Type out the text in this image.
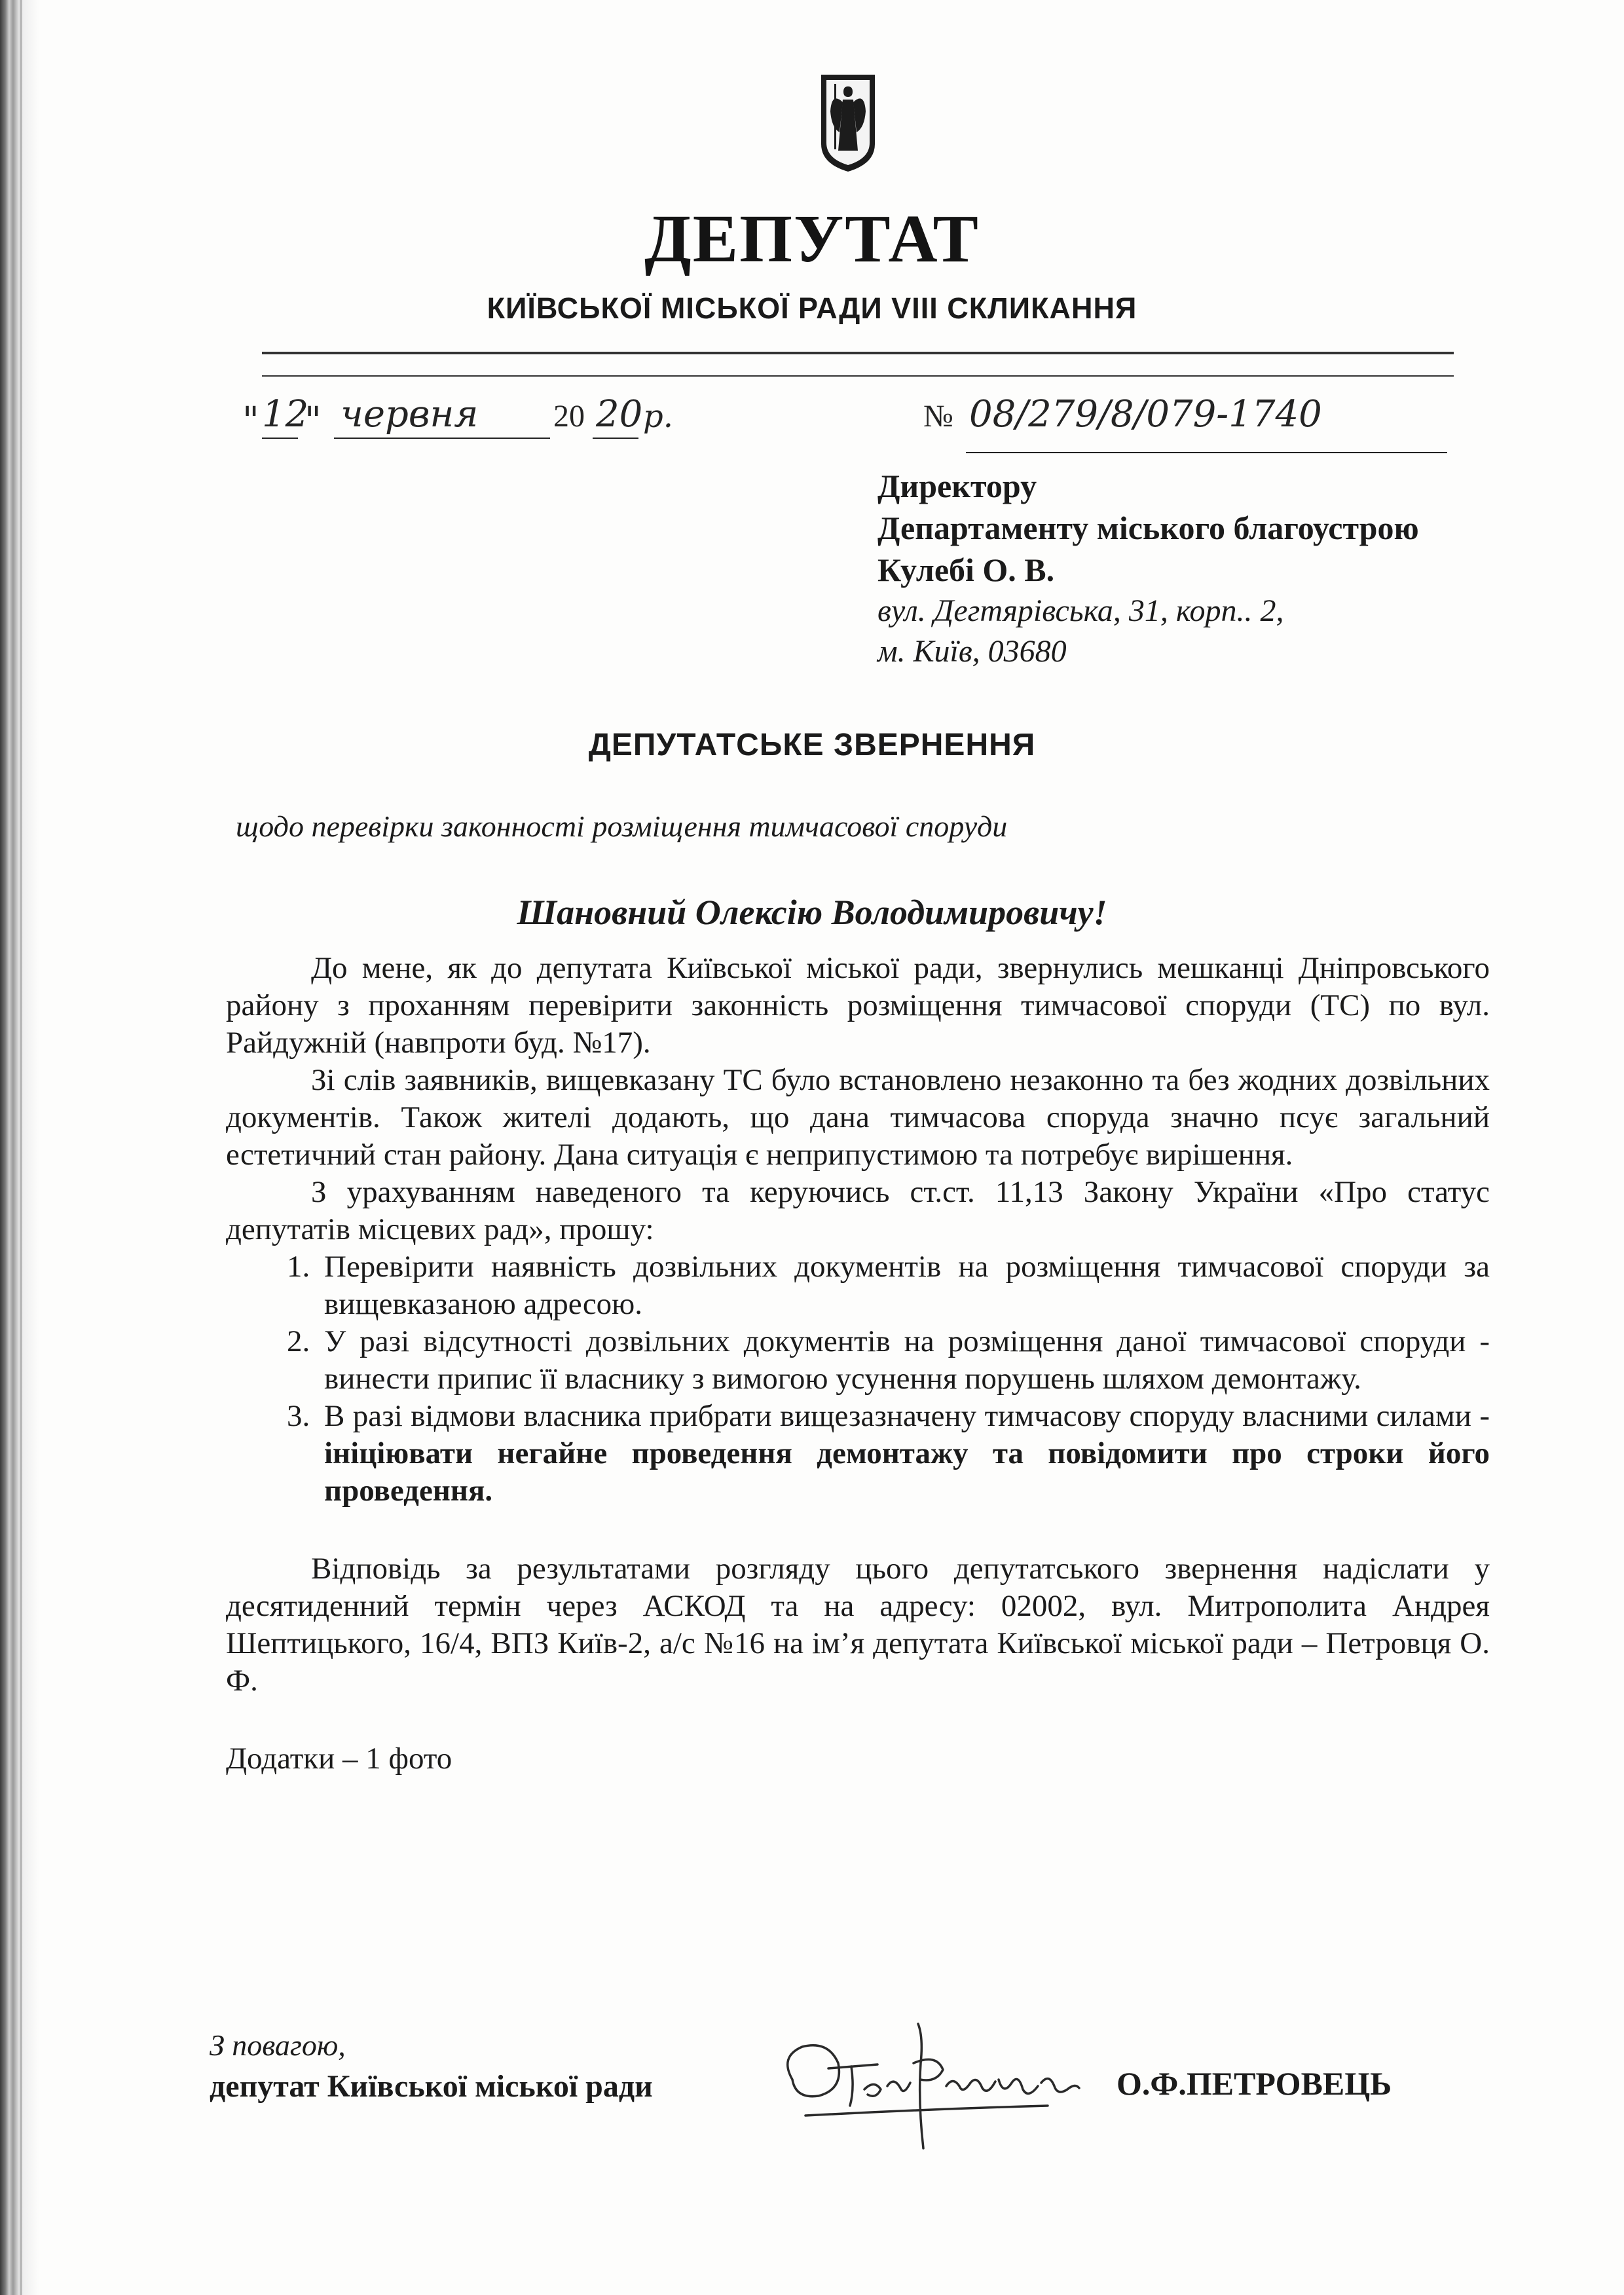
ДЕПУТАТ
КИЇВСЬКОЇ МІСЬКОЇ РАДИ VIII СКЛИКАННЯ
" 12
" червня 20 20 р.	№ 08/279/8/079-1740
Директору
Департаменту міського благоустрою
Кулебі О. В.
вул. Дегтярівська, 31, корп.. 2,
м. Київ, 03680
ДЕПУТАТСЬКЕ ЗВЕРНЕННЯ
щодо перевірки законності розміщення тимчасової споруди
Шановний Олексію Володимировичу!

До мене, як до депутата Київської міської ради, звернулись мешканці Дніпровського району з проханням перевірити законність розміщення тимчасової споруди (ТС) по вул. Райдужній (навпроти буд. №17).

Зі слів заявників, вищевказану ТС було встановлено незаконно та без жодних дозвільних документів. Також жителі додають, що дана тимчасова споруда значно псує загальний естетичний стан району. Дана ситуація є неприпустимою та потребує вирішення.

З урахуванням наведеного та керуючись ст.ст. 11,13 Закону України «Про статус депутатів місцевих рад», прошу:

1. Перевірити наявність дозвільних документів на розміщення тимчасової споруди за вищевказаною адресою.
2. У разі відсутності дозвільних документів на розміщення даної тимчасової споруди - винести припис її власнику з вимогою усунення порушень шляхом демонтажу.
3. В разі відмови власника прибрати вищезазначену тимчасову споруду власними силами - ініціювати негайне проведення демонтажу та повідомити про строки його проведення.

Відповідь за результатами розгляду цього депутатського звернення надіслати у десятиденний термін через АСКОД та на адресу: 02002, вул. Митрополита Андрея Шептицького, 16/4, ВПЗ Київ-2, а/с №16 на ім’я депутата Київської міської ради – Петровця О. Ф.

Додатки – 1 фото

З повагою,
депутат Київської міської ради	О.Ф.ПЕТРОВЕЦЬ
